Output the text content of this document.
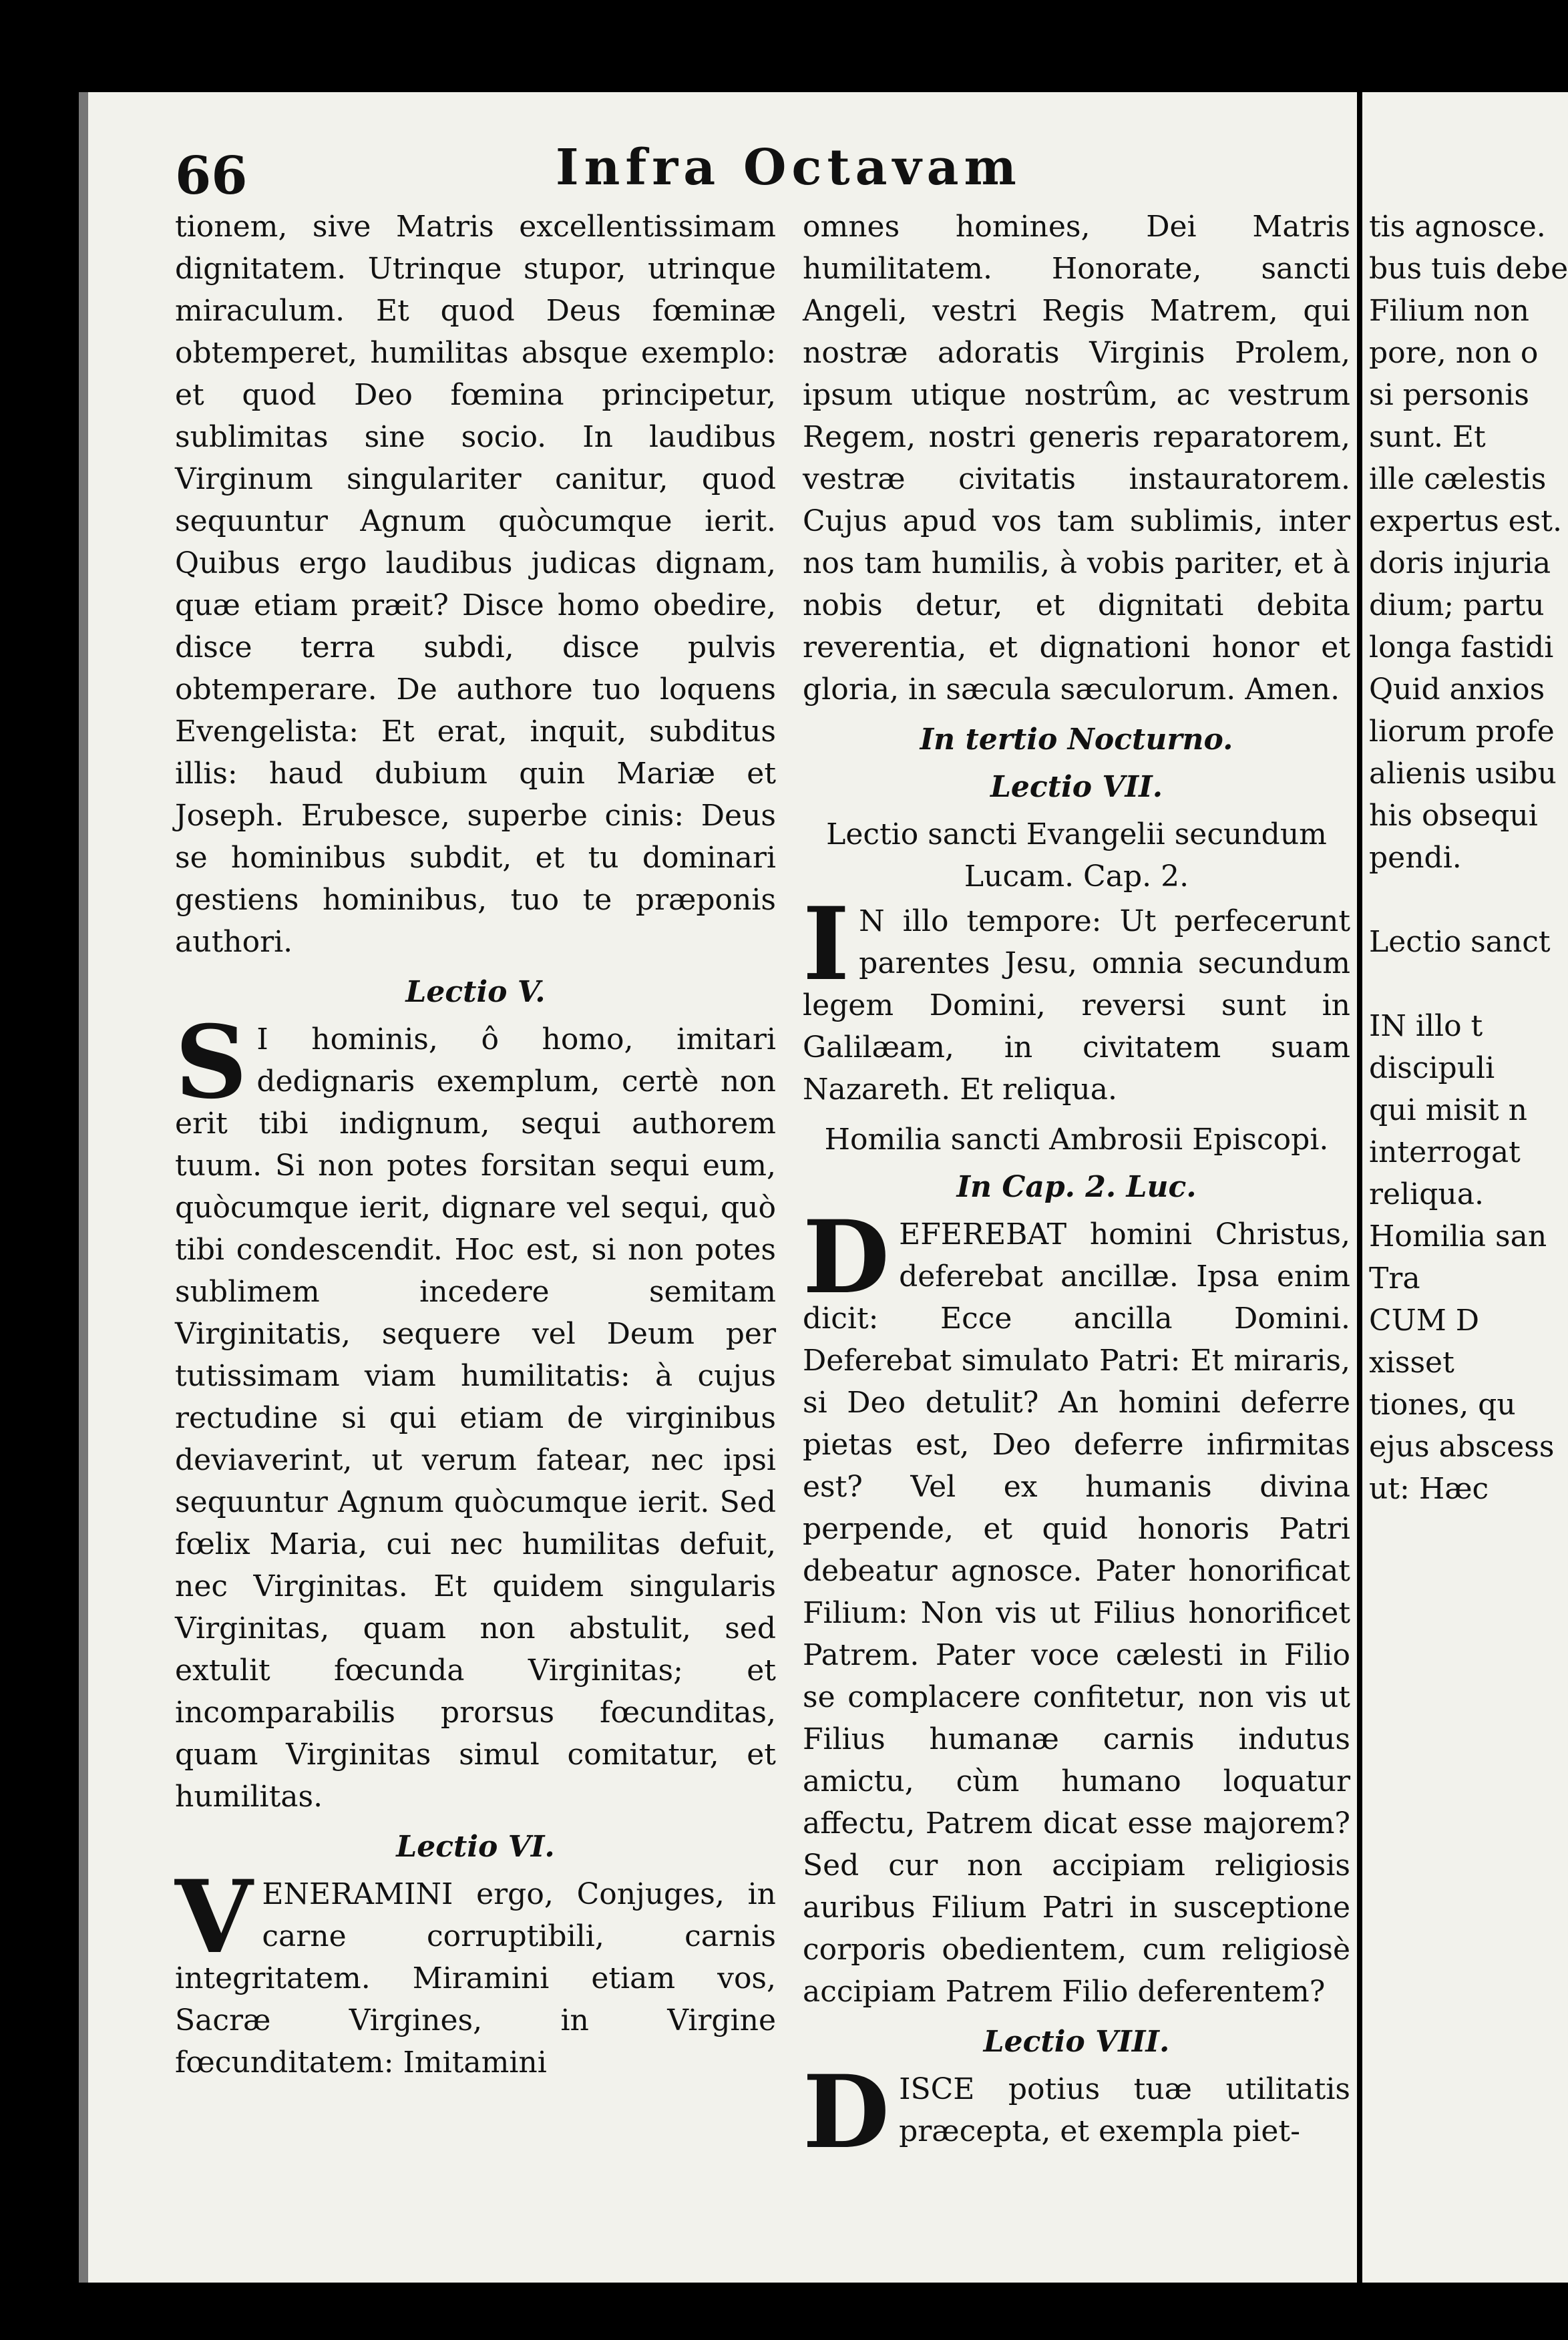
66	Infra Octavam

tionem, sive Matris excellentissimam dignitatem. Utrinque stupor, utrinque miraculum. Et quod Deus fœminæ obtemperet, humilitas absque exemplo: et quod Deo fœmina principetur, sublimitas sine socio. In laudibus Virginum singulariter canitur, quod sequuntur Agnum quòcumque ierit. Quibus ergo laudibus judicas dignam, quæ etiam præit? Disce homo obedire, disce terra subdi, disce pulvis obtemperare. De authore tuo loquens Evengelista: Et erat, inquit, subditus illis: haud dubium quin Mariæ et Joseph. Erubesce, superbe cinis: Deus se hominibus subdit, et tu dominari gestiens hominibus, tuo te præponis authori.

Lectio V.

S I hominis, ô homo, imitari dedignaris exemplum, certè non erit tibi indignum, sequi authorem tuum. Si non potes forsitan sequi eum, quòcumque ierit, dignare vel sequi, quò tibi condescendit. Hoc est, si non potes sublimem incedere semitam Virginitatis, sequere vel Deum per tutissimam viam humilitatis: à cujus rectudine si qui etiam de virginibus deviaverint, ut verum fatear, nec ipsi sequuntur Agnum quòcumque ierit. Sed fœlix Maria, cui nec humilitas defuit, nec Virginitas. Et quidem singularis Virginitas, quam non abstulit, sed extulit fœcunda Virginitas; et incomparabilis prorsus fœcunditas, quam Virginitas simul comitatur, et humilitas.

Lectio VI.

VENERAMINI ergo, Conjuges, in carne corruptibili, carnis integritatem. Miramini etiam vos, Sacræ Virgines, in Virgine fœcunditatem: Imitamini

omnes homines, Dei Matris humilitatem. Honorate, sancti Angeli, vestri Regis Matrem, qui nostræ adoratis Virginis Prolem, ipsum utique nostrûm, ac vestrum Regem, nostri generis reparatorem, vestræ civitatis instauratorem. Cujus apud vos tam sublimis, inter nos tam humilis, à vobis pariter, et à nobis detur, et dignitati debita reverentia, et dignationi honor et gloria, in sæcula sæculorum. Amen.

In tertio Nocturno.
Lectio VII.
Lectio sancti Evangelii secundum Lucam. Cap. 2.

I N illo tempore: Ut perfecerunt parentes Jesu, omnia secundum legem Domini, reversi sunt in Galilæam, in civitatem suam Nazareth. Et reliqua.

Homilia sancti Ambrosii Episcopi.
In Cap. 2. Luc.

DEFEREBAT homini Christus, deferebat ancillæ. Ipsa enim dicit: Ecce ancilla Domini. Deferebat simulato Patri: Et miraris, si Deo detulit? An homini deferre pietas est, Deo deferre infirmitas est? Vel ex humanis divina perpende, et quid honoris Patri debeatur agnosce. Pater honorificat Filium: Non vis ut Filius honorificet Patrem. Pater voce cælesti in Filio se complacere confitetur, non vis ut Filius humanæ carnis indutus amictu, cùm humano loquatur affectu, Patrem dicat esse majorem? Sed cur non accipiam religiosis auribus Filium Patri in susceptione corporis obedientem, cum religiosè accipiam Patrem Filio deferentem?

Lectio VIII.

DISCE potius tuæ utilitatis præcepta, et exempla piet-

tis agnosce.
bus tuis debe
Filium non
pore, non o
si personis
sunt. Et
ille cælestis
expertus est.
doris injuria
dium; partu
longa fastidi
Quid anxios
liorum profe
alienis usibu
his obsequi
pendi.

Lectio sanct

IN illo t
discipuli
qui misit n
interrogat
reliqua.
Homilia san
Tra
CUM D
xisset
tiones, qu
ejus abscess
ut: Hæc
